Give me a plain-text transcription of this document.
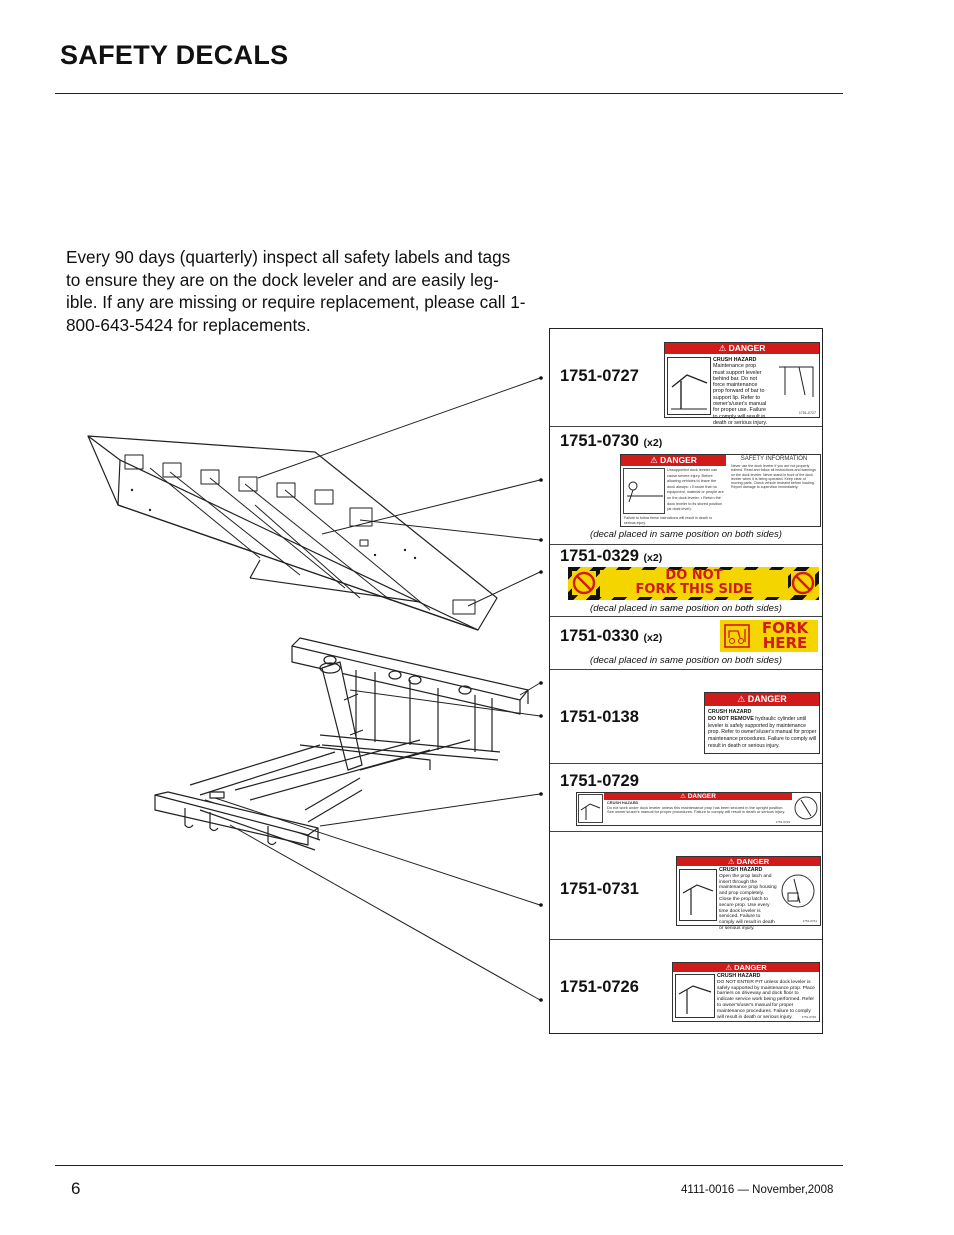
SAFETY DECALS
Every 90 days (quarterly) inspect all safety labels and tags to ensure they are on the dock leveler and are easily leg-ible. If any are missing or require replacement, please call 1-800-643-5424 for replacements.
1751-0727
⚠ DANGER
CRUSH HAZARD
Maintenance prop must support leveler behind bar. Do not force maintenance prop forward of bar to support lip. Refer to owner's/user's manual for proper use. Failure to comply will result in death or serious injury.
1751-0727
1751-0730 (x2)
⚠ DANGER
Unsupported dock leveler can cause severe injury. Before allowing vehicles to leave the dock always: • Ensure that no equipment, material or people are on the dock leveler. • Return the dock leveler to its stored position (at dock level).
Failure to follow these instructions will result in death or serious injury.
SAFETY INFORMATION
Never use the dock leveler if you are not properly trained. Read and follow all instructions and warnings on the dock leveler. Never stand in front of the dock leveler when it is being operated. Keep clear of moving parts. Check vehicle restraint before loading. Report damage to supervisor immediately.
(decal placed in same position on both sides)
1751-0329 (x2)
DO NOT
FORK THIS SIDE
(decal placed in same position on both sides)
1751-0330 (x2)
FORK
HERE
(decal placed in same position on both sides)
1751-0138
⚠ DANGER
CRUSH HAZARD
DO NOT REMOVE hydraulic cylinder until leveler is safely supported by maintenance prop. Refer to owner's/user's manual for proper maintenance procedures. Failure to comply will result in death or serious injury.
1751-0729
⚠ DANGER
CRUSH HAZARD
Do not work under dock leveler unless this maintenance prop has been secured in the upright position. See owner's/user's manual for proper procedures. Failure to comply will result in death or serious injury.
1751-0729
1751-0731
⚠ DANGER
CRUSH HAZARD
Open the prop latch and insert through the maintenance prop housing and prop completely. Close the prop latch to secure prop. Use every time dock leveler is serviced. Failure to comply will result in death or serious injury.
1751-0731
1751-0726
⚠ DANGER
CRUSH HAZARD
DO NOT ENTER PIT unless dock leveler is safely supported by maintenance prop. Place barriers on driveway and dock floor to indicate service work being performed. Refer to owner's/user's manual for proper maintenance procedures. Failure to comply will result in death or serious injury.	1751-0726
6	4111-0016 — November,2008
